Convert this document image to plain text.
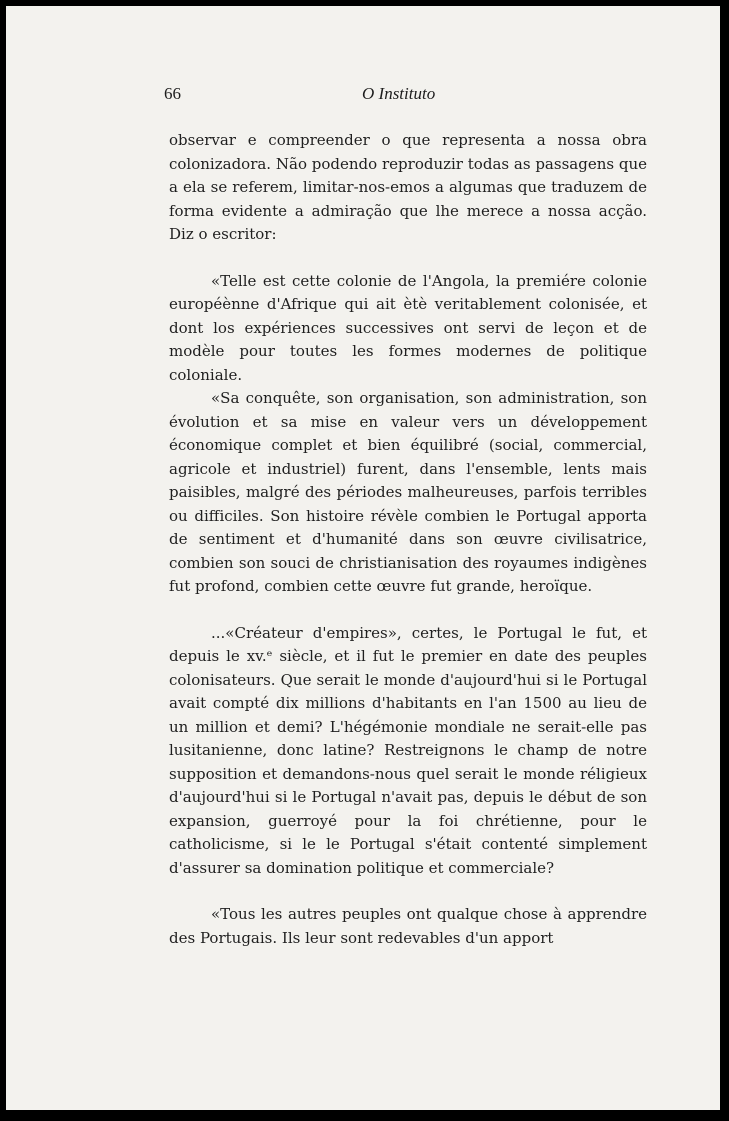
66	O Instituto

observar e compreender o que representa a nossa obra colonizadora. Não podendo reproduzir todas as passagens que a ela se referem, limitar-nos-emos a algumas que traduzem de forma evidente a admiração que lhe merece a nossa acção. Diz o escritor:

«Telle est cette colonie de l'Angola, la premiére colonie européènne d'Afrique qui ait ètè veritablement colonisée, et dont los expériences successives ont servi de leçon et de modèle pour toutes les formes modernes de politique coloniale.

«Sa conquête, son organisation, son administration, son évolution et sa mise en valeur vers un développement économique complet et bien équilibré (social, commercial, agricole et industriel) furent, dans l'ensemble, lents mais paisibles, malgré des périodes malheureuses, parfois terribles ou difficiles. Son histoire révèle combien le Portugal apporta de sentiment et d'humanité dans son œuvre civilisatrice, combien son souci de christianisation des royaumes indigènes fut profond, combien cette œuvre fut grande, heroïque.

...«Créateur d'empires», certes, le Portugal le fut, et depuis le xv.ᵉ siècle, et il fut le premier en date des peuples colonisateurs. Que serait le monde d'aujourd'hui si le Portugal avait compté dix millions d'habitants en l'an 1500 au lieu de un million et demi? L'hégémonie mondiale ne serait-elle pas lusitanienne, donc latine? Restreignons le champ de notre supposition et demandons-nous quel serait le monde réligieux d'aujourd'hui si le Portugal n'avait pas, depuis le début de son expansion, guerroyé pour la foi chrétienne, pour le catholicisme, si le le Portugal s'était contenté simplement d'assurer sa domination politique et commerciale?

«Tous les autres peuples ont qualque chose à apprendre des Portugais. Ils leur sont redevables d'un apport
